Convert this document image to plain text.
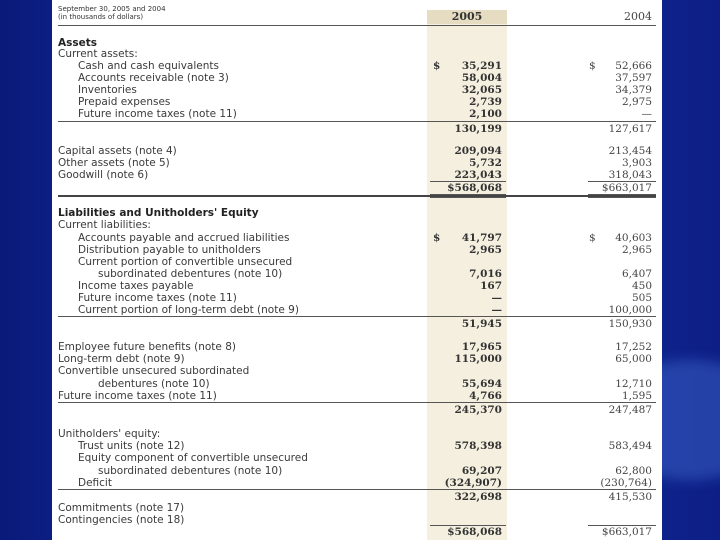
September 30, 2005 and 2004
(in thousands of dollars)	2005	2004
Assets
Current assets:
Cash and cash equivalents	$ 35,291	$ 52,666
Accounts receivable (note 3)	58,004	37,597
Inventories	32,065	34,379
Prepaid expenses	2,739	2,975
Future income taxes (note 11)	2,100	—
130,199	127,617
Capital assets (note 4)	209,094	213,454
Other assets (note 5)	5,732	3,903
Goodwill (note 6)	223,043	318,043
$568,068	$663,017
Liabilities and Unitholders' Equity
Current liabilities:
Accounts payable and accrued liabilities	$ 41,797	$ 40,603
Distribution payable to unitholders	2,965	2,965
Current portion of convertible unsecured
subordinated debentures (note 10)	7,016	6,407
Income taxes payable	167	450
Future income taxes (note 11)	—	505
Current portion of long-term debt (note 9)	—	100,000
51,945	150,930
Employee future benefits (note 8)	17,965	17,252
Long-term debt (note 9)	115,000	65,000
Convertible unsecured subordinated
debentures (note 10)	55,694	12,710
Future income taxes (note 11)	4,766	1,595
245,370	247,487
Unitholders' equity:
Trust units (note 12)	578,398	583,494
Equity component of convertible unsecured
subordinated debentures (note 10)	69,207	62,800
Deficit	(324,907)	(230,764)
322,698	415,530
Commitments (note 17)
Contingencies (note 18)
$568,068	$663,017
